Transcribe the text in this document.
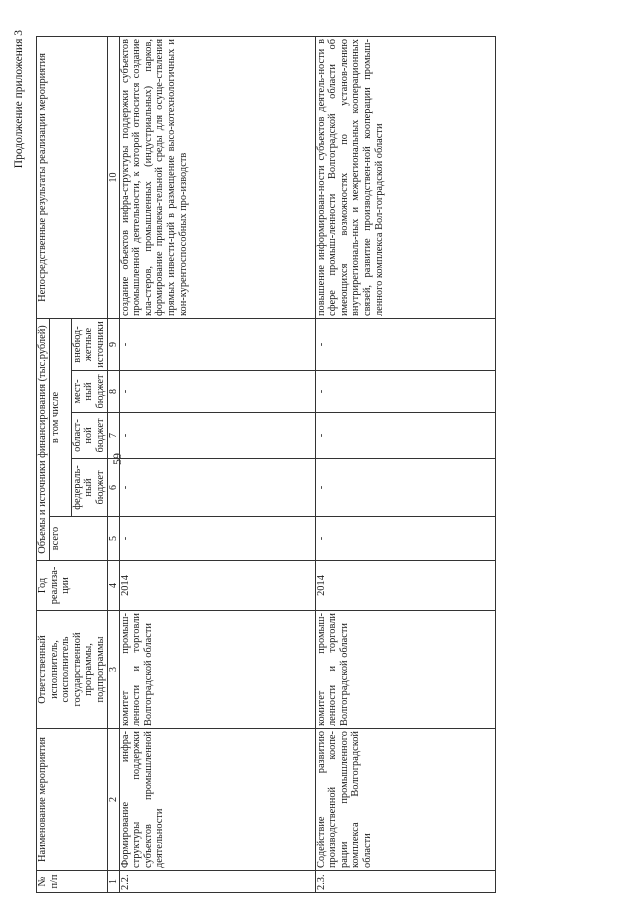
59
Продолжение приложения 3
№ п/п	Наименование мероприятия	Ответственный исполнитель, соисполнитель государственной программы, подпрограммы	Год реализа-ции	Объемы и источники финансирования (тыс.рублей)					Непосредственные результаты реализации мероприятия
				всего	в том числе				
					федераль-ный бюджет	област-ной бюджет	мест-ный бюджет	внебюд-жетные источники	
1	2	3	4	5	6	7	8	9	10
2.2.	Формирование инфра-структуры поддержки субъектов промышленной деятельности	комитет промыш-ленности и торговли Волгоградской области	2014	-	-	-	-	-	создание объектов инфра-структуры поддержки субъектов промышленной деятельности, к которой относится создание кла-стеров, промышленных (индустриальных) парков, формирование привлека-тельной среды для осуще-ствления прямых инвести-ций в размещение высо-котехнологичных и кон-курентоспособных про-изводств
2.3.	Содействие развитию производственной коопе-рации промышленного комплекса Волгоградской области	комитет промыш-ленности и торговли Волгоградской области	2014	-	-	-	-	-	повышение информирован-ности субъектов деятель-ности в сфере промыш-ленности Волгоградской области об имеющихся возможностях по установ-лению внутрирегиональ-ных и межрегиональных кооперационных связей, развитие производствен-ной кооперации промыш-ленного комплекса Вол-гоградской области
